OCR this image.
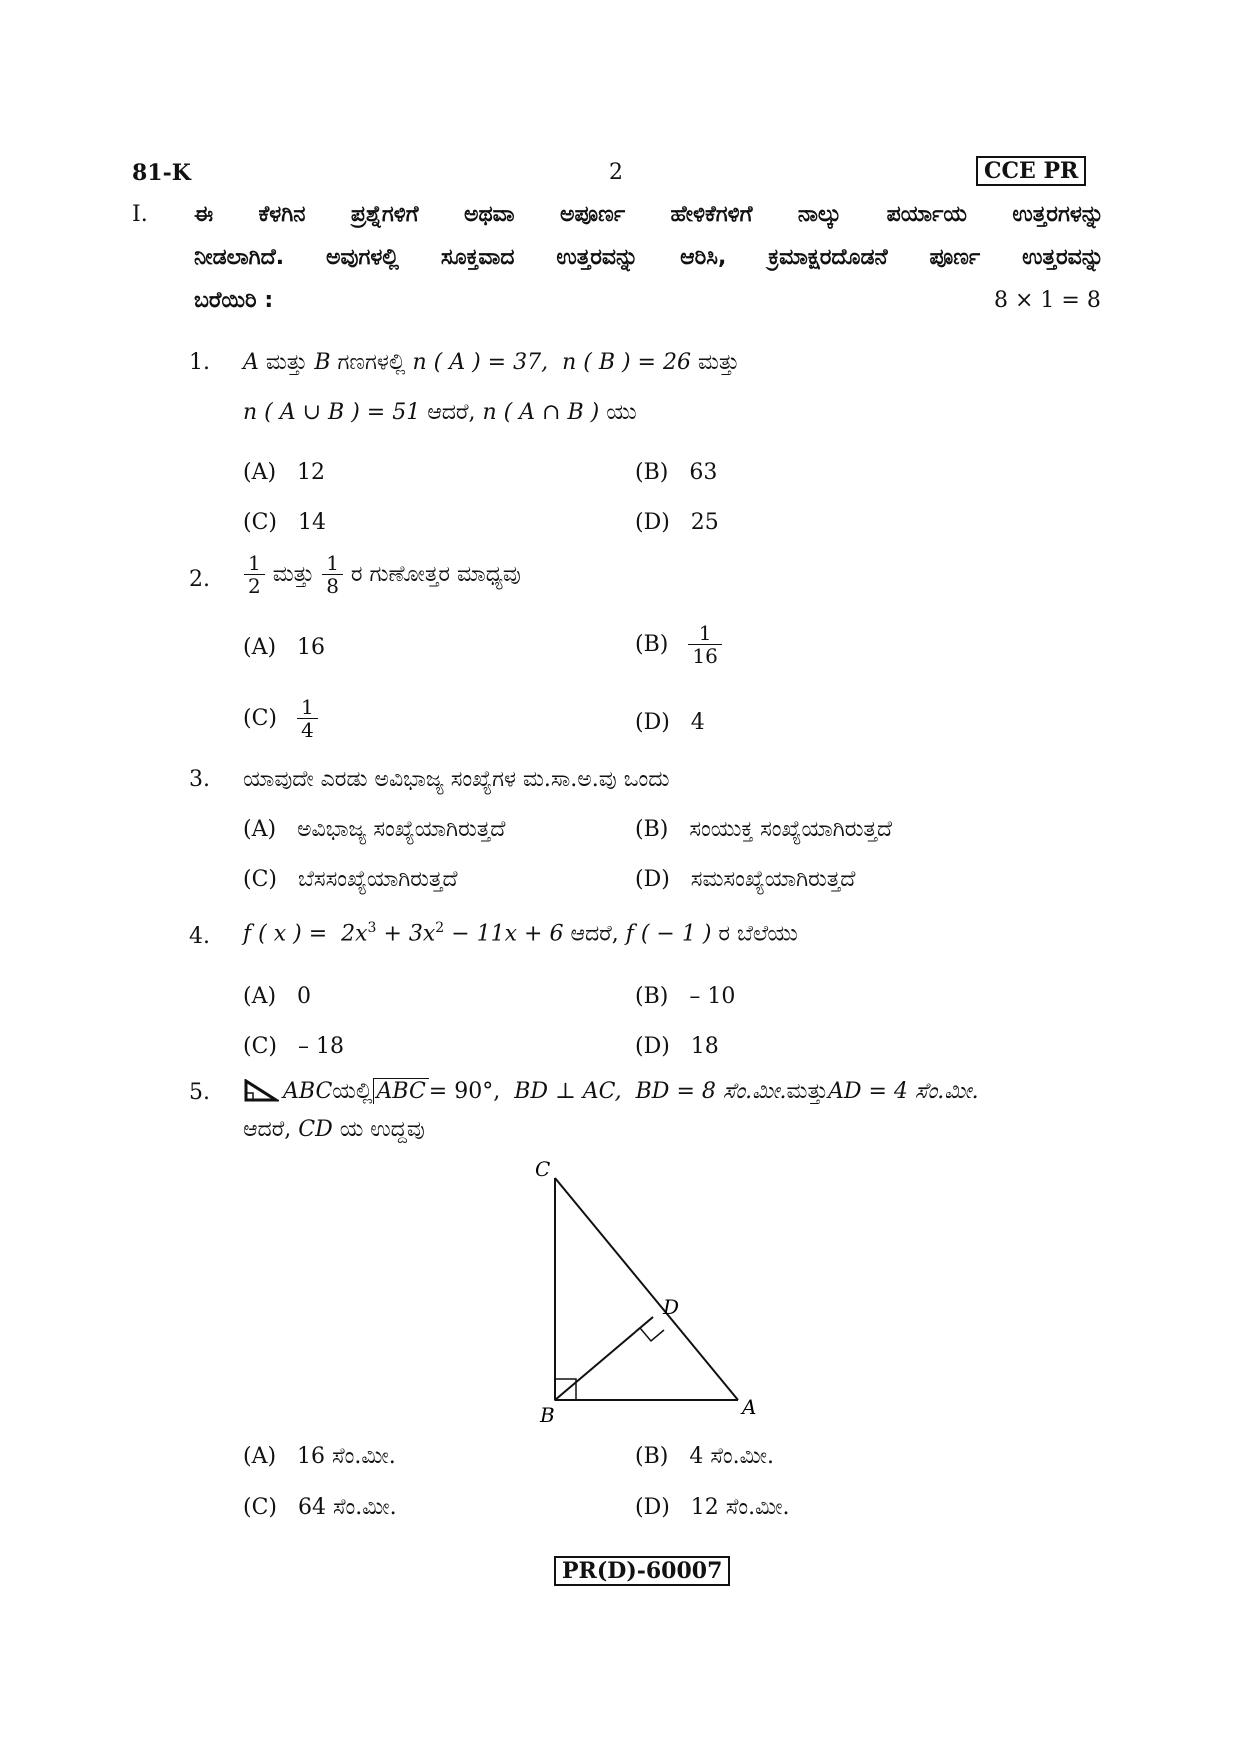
81-K	2	CCE PR
I. ಈ ಕೆಳಗಿನ ಪ್ರಶ್ನೆಗಳಿಗೆ ಅಥವಾ ಅಪೂರ್ಣ ಹೇಳಿಕೆಗಳಿಗೆ ನಾಲ್ಕು ಪರ್ಯಾಯ ಉತ್ತರಗಳನ್ನು
ನೀಡಲಾಗಿದೆ. ಅವುಗಳಲ್ಲಿ ಸೂಕ್ತವಾದ ಉತ್ತರವನ್ನು ಆರಿಸಿ, ಕ್ರಮಾಕ್ಷರದೊಡನೆ ಪೂರ್ಣ ಉತ್ತರವನ್ನು
ಬರೆಯಿರಿ :	8 × 1 = 8
1. A ಮತ್ತು B ಗಣಗಳಲ್ಲಿ n ( A ) = 37, n ( B ) = 26 ಮತ್ತು
n ( A ∪ B ) = 51 ಆದರೆ, n ( A ∩ B ) ಯು
(A) 12	(B) 63
(C) 14	(D) 25
2. $\frac{1}{2}$ ಮತ್ತು $\frac{1}{8}$ ರ ಗುಣೋತ್ತರ ಮಾಧ್ಯವು
(A) 16	$(B) \frac{1}{16}$
$(C) \frac{1}{4}$	(D) 4
3. ಯಾವುದೇ ಎರಡು ಅವಿಭಾಜ್ಯ ಸಂಖ್ಯೆಗಳ ಮ.ಸಾ.ಅ.ವು ಒಂದು
(A) ಅವಿಭಾಜ್ಯ ಸಂಖ್ಯೆಯಾಗಿರುತ್ತದೆ	(B) ಸಂಯುಕ್ತ ಸಂಖ್ಯೆಯಾಗಿರುತ್ತದೆ
(C) ಬೆಸಸಂಖ್ಯೆಯಾಗಿರುತ್ತದೆ	(D) ಸಮಸಂಖ್ಯೆಯಾಗಿರುತ್ತದೆ
4. f ( x ) = $2x^3 + 3x^2 - 11x + 6$ ಆದರೆ, f ( − 1 ) ರ ಬೆಲೆಯು
(A) 0	(B) – 10
(C) – 18	(D) 18
5.	ABC ಯಲ್ಲಿ ABC = 90°,
BD ⊥ AC,
BD = 8 ಸೆಂ.ಮೀ. ಮತ್ತು AD = 4 ಸೆಂ.ಮೀ.
ಆದರೆ, CD ಯ ಉದ್ದವು
C
D
B	A
(A) 16 ಸೆಂ.ಮೀ.	(B) 4 ಸೆಂ.ಮೀ.
(C) 64 ಸೆಂ.ಮೀ.	(D) 12 ಸೆಂ.ಮೀ.
PR(D)-60007
